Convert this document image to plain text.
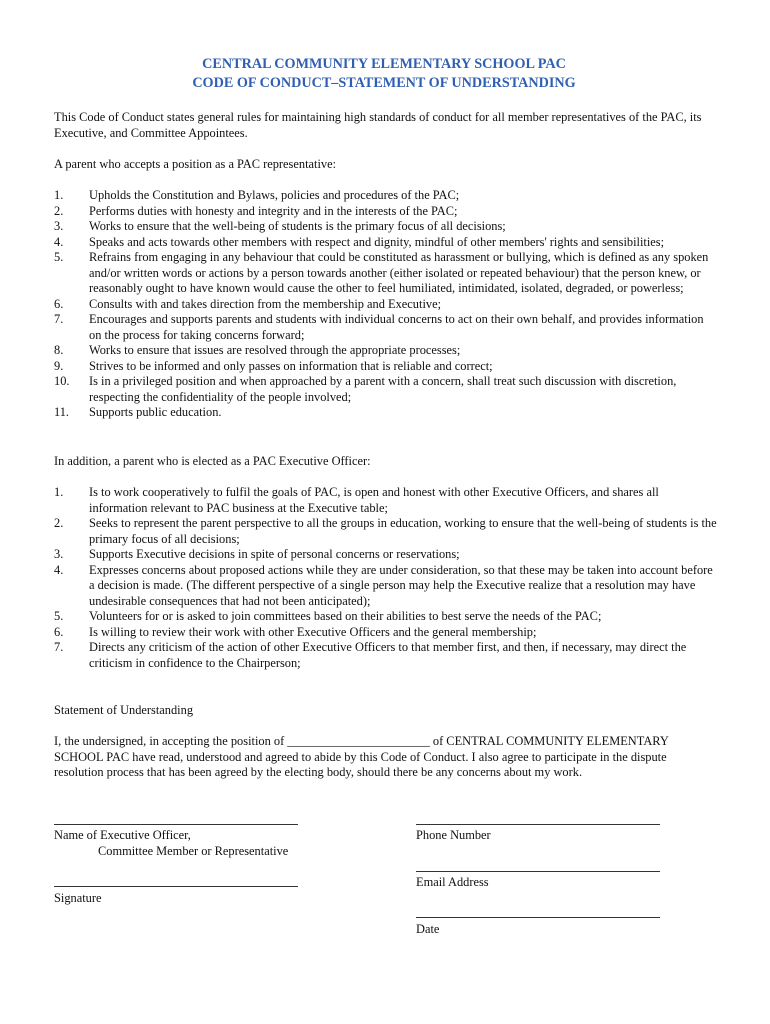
CENTRAL COMMUNITY ELEMENTARY SCHOOL PAC
CODE OF CONDUCT–STATEMENT OF UNDERSTANDING

This Code of Conduct states general rules for maintaining high standards of conduct for all member representatives of the PAC, its Executive, and Committee Appointees.

A parent who accepts a position as a PAC representative:

1. Upholds the Constitution and Bylaws, policies and procedures of the PAC;
2. Performs duties with honesty and integrity and in the interests of the PAC;
3. Works to ensure that the well-being of students is the primary focus of all decisions;
4. Speaks and acts towards other members with respect and dignity, mindful of other members' rights and sensibilities;
5. Refrains from engaging in any behaviour that could be constituted as harassment or bullying, which is defined as any spoken and/or written words or actions by a person towards another (either isolated or repeated behaviour) that the person knew, or reasonably ought to have known would cause the other to feel humiliated, intimidated, isolated, degraded, or powerless;
6. Consults with and takes direction from the membership and Executive;
7. Encourages and supports parents and students with individual concerns to act on their own behalf, and provides information on the process for taking concerns forward;
8. Works to ensure that issues are resolved through the appropriate processes;
9. Strives to be informed and only passes on information that is reliable and correct;
10. Is in a privileged position and when approached by a parent with a concern, shall treat such discussion with discretion, respecting the confidentiality of the people involved;
11. Supports public education.

In addition, a parent who is elected as a PAC Executive Officer:

1. Is to work cooperatively to fulfil the goals of PAC, is open and honest with other Executive Officers, and shares all information relevant to PAC business at the Executive table;
2. Seeks to represent the parent perspective to all the groups in education, working to ensure that the well-being of students is the primary focus of all decisions;
3. Supports Executive decisions in spite of personal concerns or reservations;
4. Expresses concerns about proposed actions while they are under consideration, so that these may be taken into account before a decision is made. (The different perspective of a single person may help the Executive realize that a resolution may have undesirable consequences that had not been anticipated);
5. Volunteers for or is asked to join committees based on their abilities to best serve the needs of the PAC;
6. Is willing to review their work with other Executive Officers and the general membership;
7. Directs any criticism of the action of other Executive Officers to that member first, and then, if necessary, may direct the criticism in confidence to the Chairperson;

Statement of Understanding

I, the undersigned, in accepting the position of _______________________ of CENTRAL COMMUNITY ELEMENTARY SCHOOL PAC have read, understood and agreed to abide by this Code of Conduct. I also agree to participate in the dispute resolution process that has been agreed by the electing body, should there be any concerns about my work.

Name of Executive Officer,

Committee Member or Representative

Signature

Phone Number

Email Address

Date
